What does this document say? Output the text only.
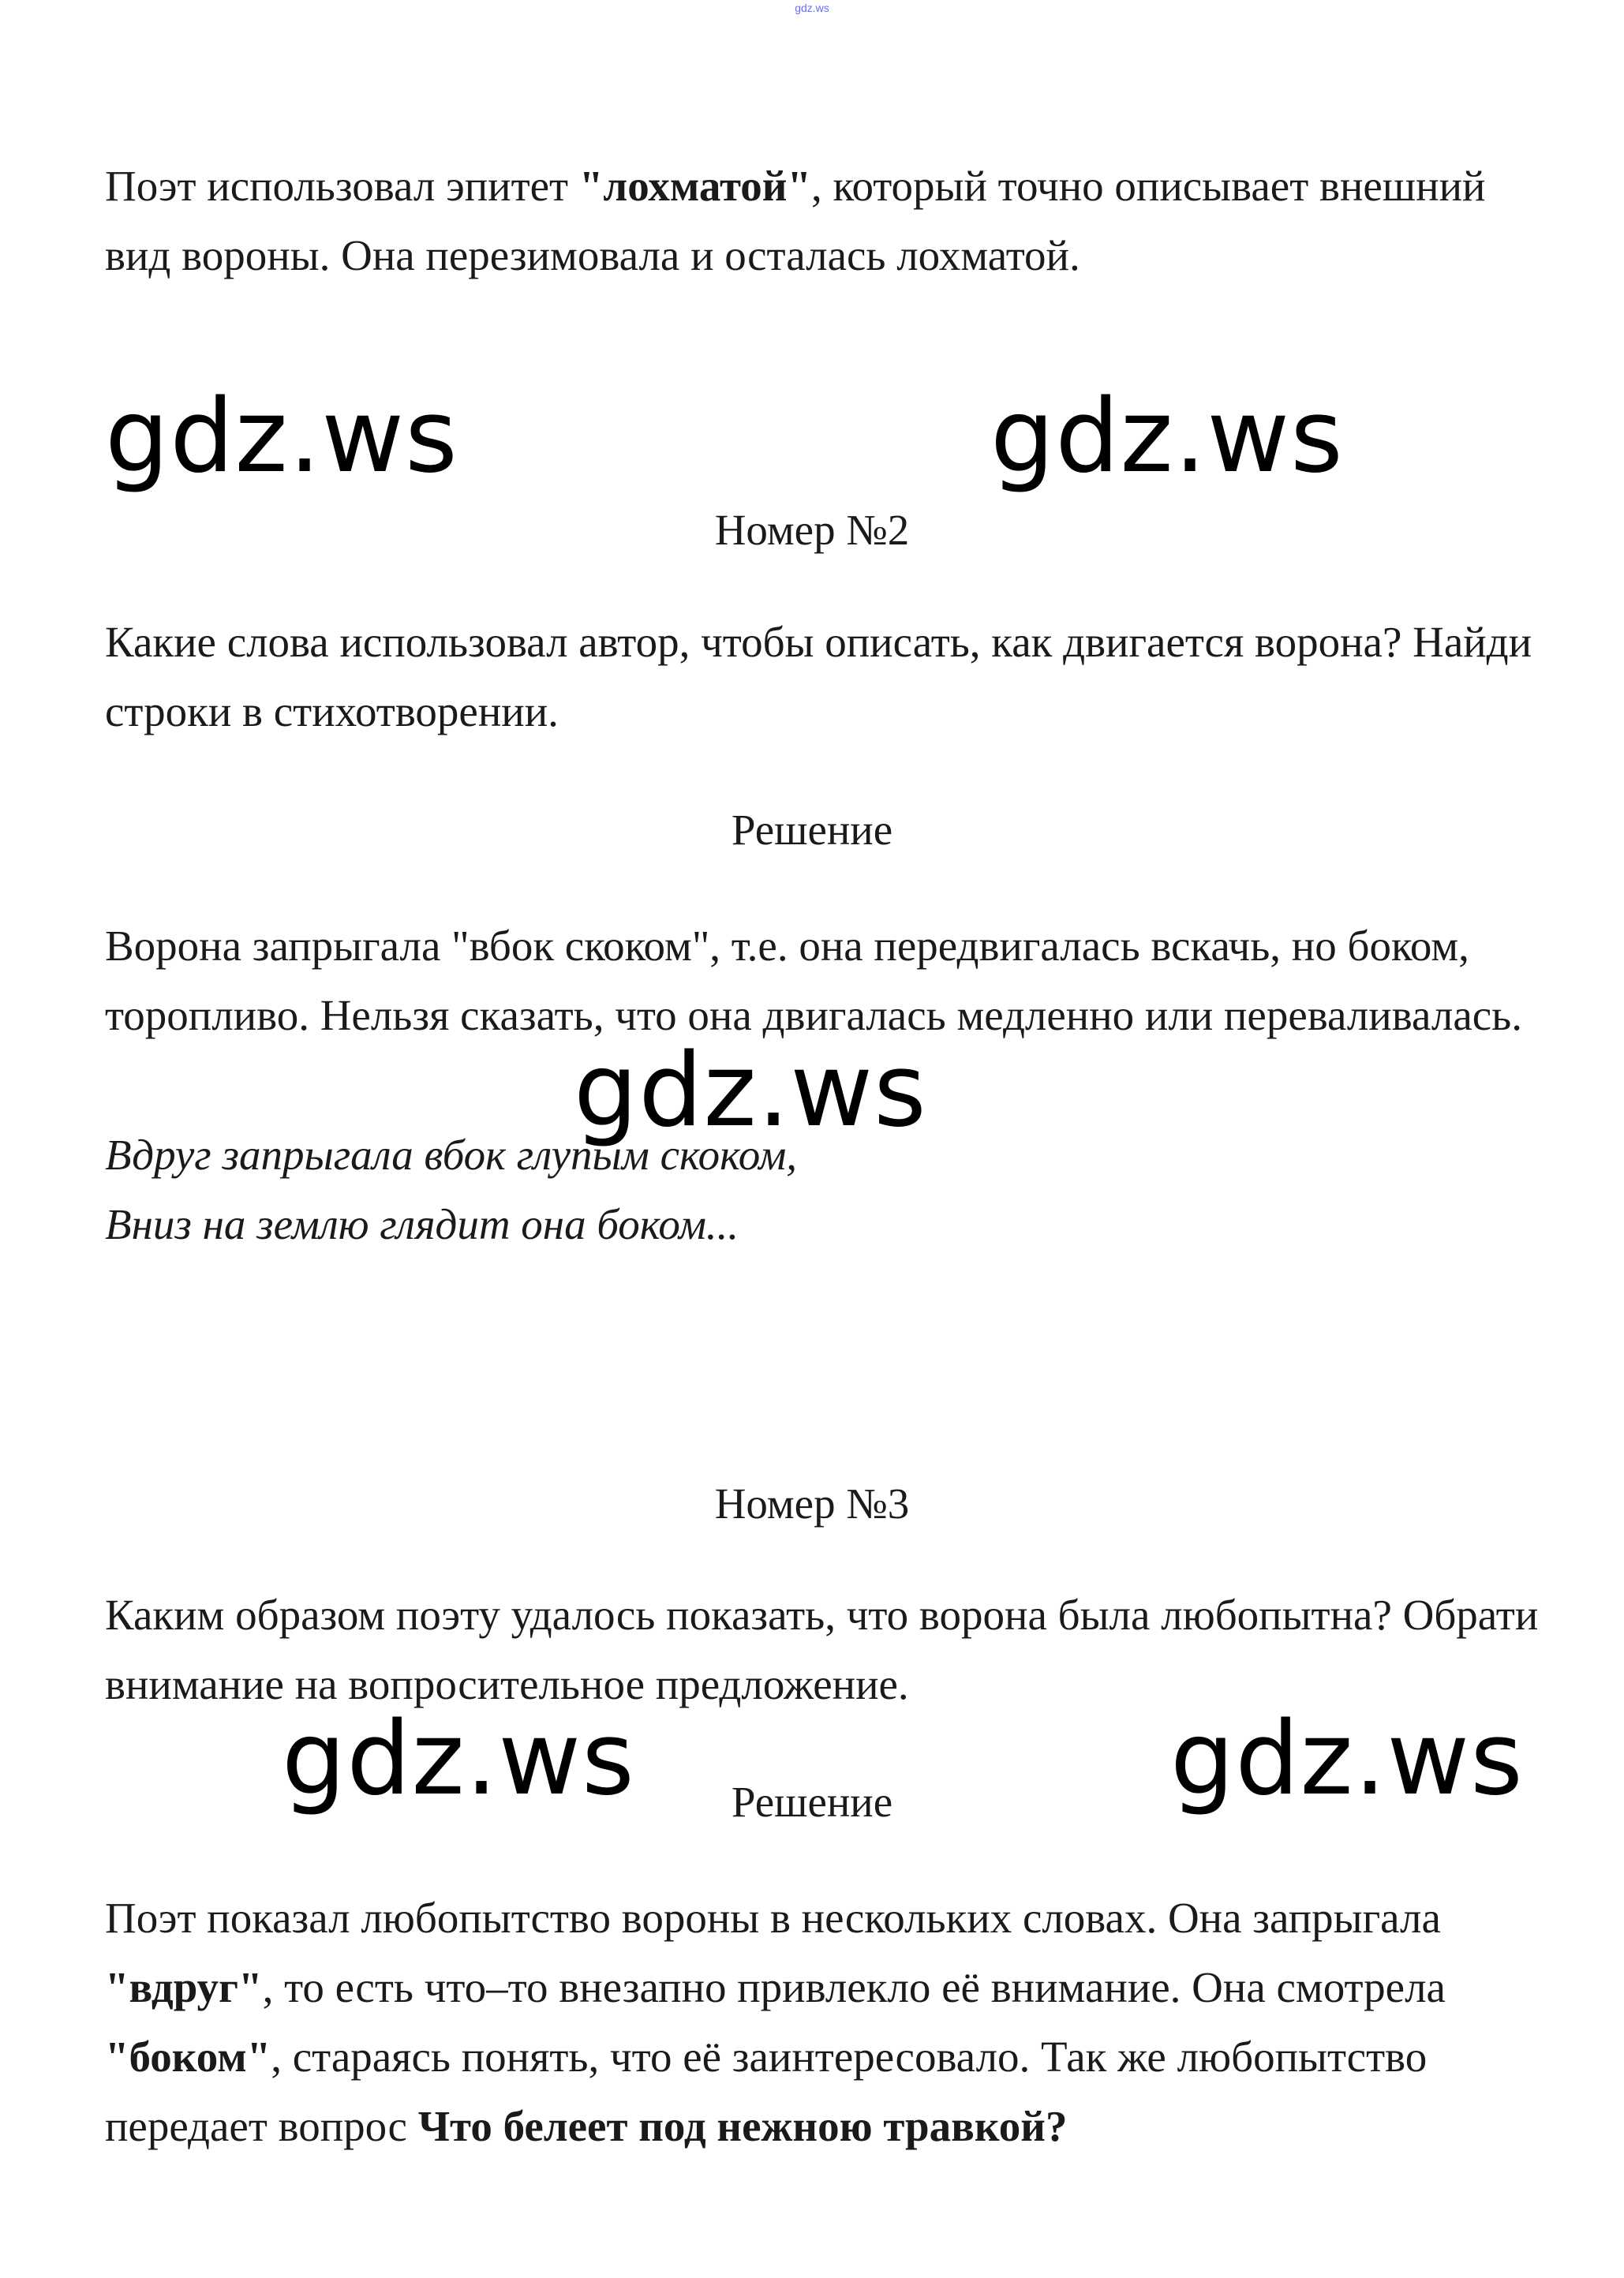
gdz.ws

Поэт использовал эпитет "лохматой", который точно описывает внешний вид вороны. Она перезимовала и осталась лохматой.

gdz.ws	gdz.ws

Номер №2

Какие слова использовал автор, чтобы описать, как двигается ворона? Найди строки в стихотворении.

Решение

Ворона запрыгала "вбок скоком", т.е. она передвигалась вскачь, но боком, торопливо. Нельзя сказать, что она двигалась медленно или переваливалась.

gdz.ws

Вдруг запрыгала вбок глупым скоком,

Вниз на землю глядит она боком...

Номер №3

Каким образом поэту удалось показать, что ворона была любопытна? Обрати внимание на вопросительное предложение.

gdz.ws	gdz.ws

Решение

Поэт показал любопытство вороны в нескольких словах. Она запрыгала "вдруг", то есть что–то внезапно привлекло её внимание. Она смотрела "боком", стараясь понять, что её заинтересовало. Так же любопытство передает вопрос Что белеет под нежною травкой?
